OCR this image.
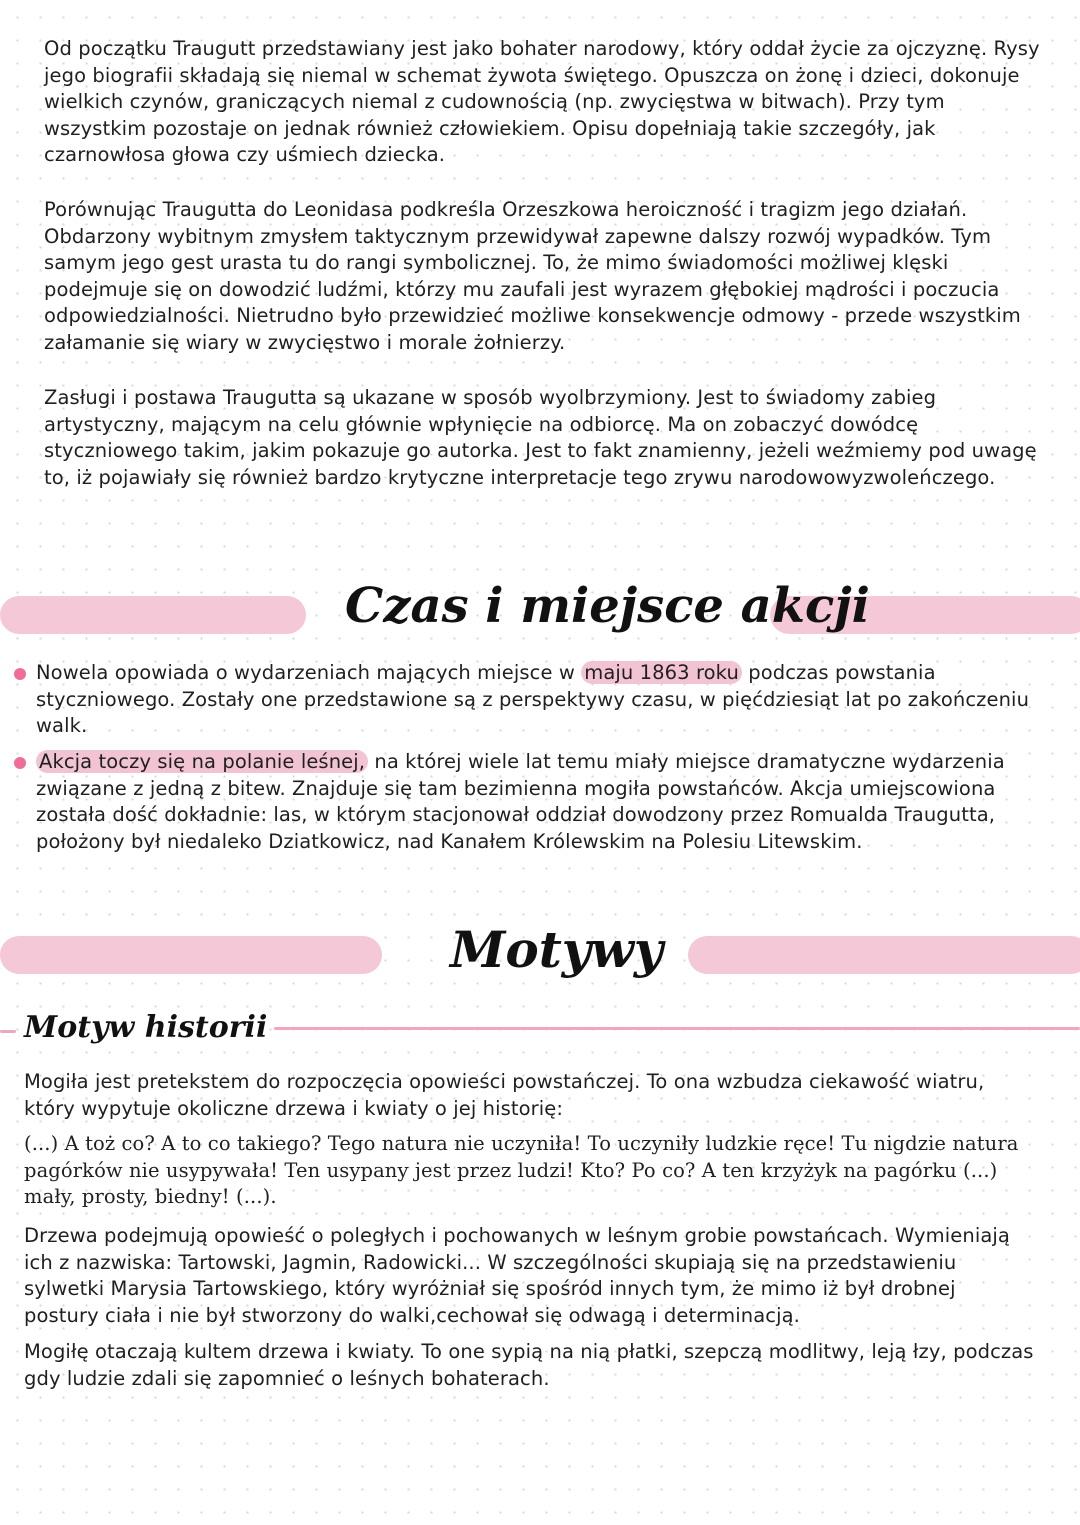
Od początku Traugutt przedstawiany jest jako bohater narodowy, który oddał życie za ojczyznę. Rysy jego biografii składają się niemal w schemat żywota świętego. Opuszcza on żonę i dzieci, dokonuje wielkich czynów, graniczących niemal z cudownością (np. zwycięstwa w bitwach). Przy tym wszystkim pozostaje on jednak również człowiekiem. Opisu dopełniają takie szczegóły, jak czarnowłosa głowa czy uśmiech dziecka.

Porównując Traugutta do Leonidasa podkreśla Orzeszkowa heroiczność i tragizm jego działań. Obdarzony wybitnym zmysłem taktycznym przewidywał zapewne dalszy rozwój wypadków. Tym samym jego gest urasta tu do rangi symbolicznej. To, że mimo świadomości możliwej klęski podejmuje się on dowodzić ludźmi, którzy mu zaufali jest wyrazem głębokiej mądrości i poczucia odpowiedzialności. Nietrudno było przewidzieć możliwe konsekwencje odmowy - przede wszystkim załamanie się wiary w zwycięstwo i morale żołnierzy.

Zasługi i postawa Traugutta są ukazane w sposób wyolbrzymiony. Jest to świadomy zabieg artystyczny, mającym na celu głównie wpłynięcie na odbiorcę. Ma on zobaczyć dowódcę styczniowego takim, jakim pokazuje go autorka. Jest to fakt znamienny, jeżeli weźmiemy pod uwagę to, iż pojawiały się również bardzo krytyczne interpretacje tego zrywu narodowowyzwoleńczego.

Czas i miejsce akcji

Nowela opowiada o wydarzeniach mających miejsce w maju 1863 roku podczas powstania styczniowego. Zostały one przedstawione są z perspektywy czasu, w pięćdziesiąt lat po zakończeniu walk.

Akcja toczy się na polanie leśnej, na której wiele lat temu miały miejsce dramatyczne wydarzenia związane z jedną z bitew. Znajduje się tam bezimienna mogiła powstańców. Akcja umiejscowiona została dość dokładnie: las, w którym stacjonował oddział dowodzony przez Romualda Traugutta, położony był niedaleko Dziatkowicz, nad Kanałem Królewskim na Polesiu Litewskim.

Motywy
Motyw historii

Mogiła jest pretekstem do rozpoczęcia opowieści powstańczej. To ona wzbudza ciekawość wiatru, który wypytuje okoliczne drzewa i kwiaty o jej historię:

(...) A toż co? A to co takiego? Tego natura nie uczyniła! To uczyniły ludzkie ręce! Tu nigdzie natura pagórków nie usypywała! Ten usypany jest przez ludzi! Kto? Po co? A ten krzyżyk na pagórku (...) mały, prosty, biedny! (...).

Drzewa podejmują opowieść o poległych i pochowanych w leśnym grobie powstańcach. Wymieniają ich z nazwiska: Tartowski, Jagmin, Radowicki... W szczególności skupiają się na przedstawieniu sylwetki Marysia Tartowskiego, który wyróżniał się spośród innych tym, że mimo iż był drobnej postury ciała i nie był stworzony do walki,cechował się odwagą i determinacją.

Mogiłę otaczają kultem drzewa i kwiaty. To one sypią na nią płatki, szepczą modlitwy, leją łzy, podczas gdy ludzie zdali się zapomnieć o leśnych bohaterach.
